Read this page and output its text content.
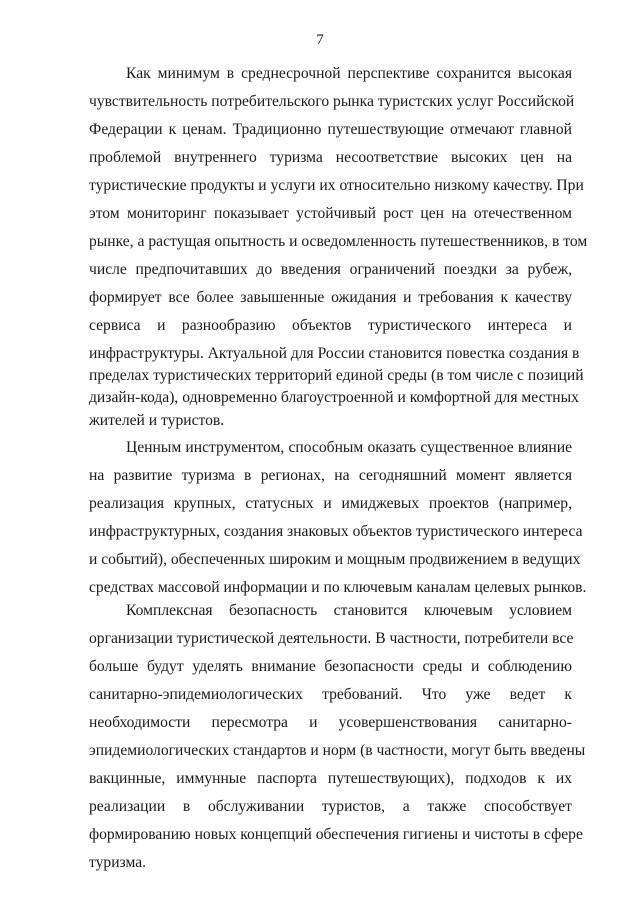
7
Как минимум в среднесрочной перспективе сохранится высокая
чувствительность потребительского рынка туристских услуг Российской
Федерации к ценам. Традиционно путешествующие отмечают главной
проблемой внутреннего туризма несоответствие высоких цен на
туристические продукты и услуги их относительно низкому качеству. При
этом мониторинг показывает устойчивый рост цен на отечественном
рынке, а растущая опытность и осведомленность путешественников, в том
числе предпочитавших до введения ограничений поездки за рубеж,
формирует все более завышенные ожидания и требования к качеству
сервиса и разнообразию объектов туристического интереса и
инфраструктуры. Актуальной для России становится повестка создания в
пределах туристических территорий единой среды (в том числе с позиций
дизайн-кода), одновременно благоустроенной и комфортной для местных
жителей и туристов.
Ценным инструментом, способным оказать существенное влияние
на развитие туризма в регионах, на сегодняшний момент является
реализация крупных, статусных и имиджевых проектов (например,
инфраструктурных, создания знаковых объектов туристического интереса
и событий), обеспеченных широким и мощным продвижением в ведущих
средствах массовой информации и по ключевым каналам целевых рынков.
Комплексная безопасность становится ключевым условием
организации туристической деятельности. В частности, потребители все
больше будут уделять внимание безопасности среды и соблюдению
санитарно-эпидемиологических требований. Что уже ведет к
необходимости пересмотра и усовершенствования санитарно-
эпидемиологических стандартов и норм (в частности, могут быть введены
вакцинные, иммунные паспорта путешествующих), подходов к их
реализации в обслуживании туристов, а также способствует
формированию новых концепций обеспечения гигиены и чистоты в сфере
туризма.
